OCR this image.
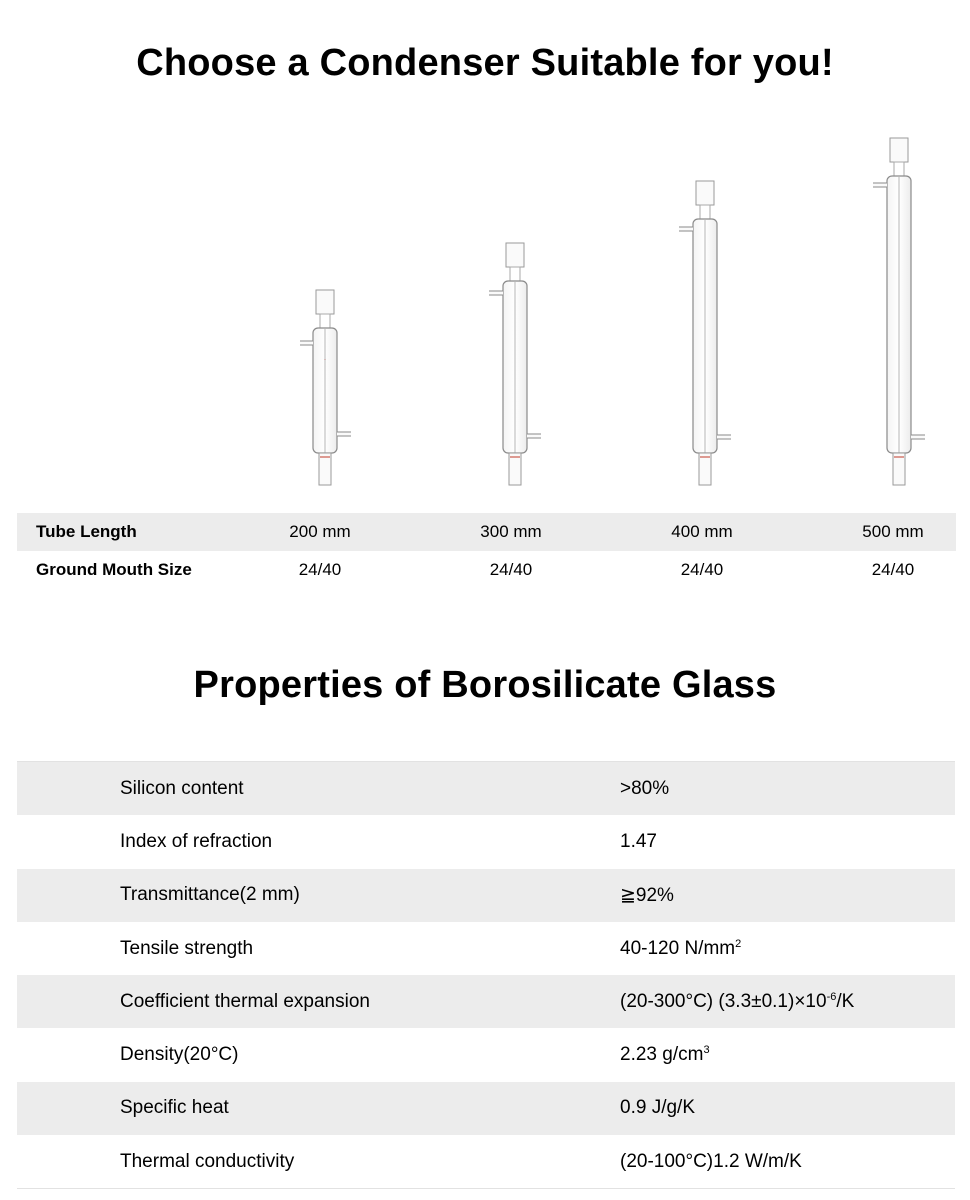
Choose a Condenser Suitable for you!
~
Tube Length	200 mm	300 mm	400 mm	500 mm
Ground Mouth Size	24/40	24/40	24/40	24/40
Properties of Borosilicate Glass
Silicon content	>80%
Index of refraction	1.47
Transmittance(2 mm)	≧92%
Tensile strength	40-120 $N/mm^2$
Coefficient thermal expansion	(20-300°C) $(3.3\pm 0.1)\times 10^{-6}/K$
Density(20°C)	2.23 $g/cm^3$
Specific heat	0.9 J/g/K
Thermal conductivity	(20-100°C)1.2 W/m/K
